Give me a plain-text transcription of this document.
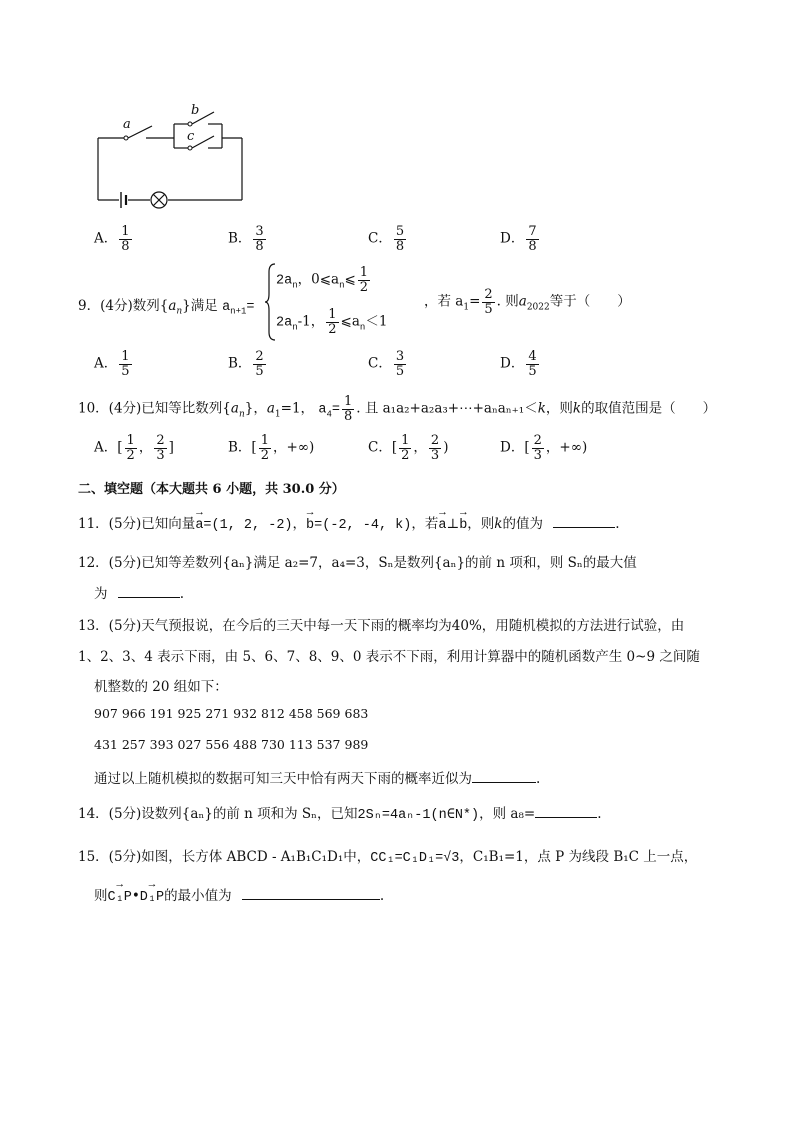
a
b
c
A． $\frac{1}{8}$	B． $\frac{3}{8}$	C． $\frac{5}{8}$	D． $\frac{7}{8}$
9．(4分)数列$\{a_n\}$满足 $a_{n+1}=$
$2a_n$，$0⩽a_n⩽ \frac{1}{2}$
$2a_n-1$， $\frac{1}{2}$ $⩽a_n<1$
，若 $a_1= \frac{2}{5}$ . 则$a_{2022}$等于（　　）
A． $\frac{1}{5}$	B． $\frac{2}{5}$	C． $\frac{3}{5}$	D． $\frac{4}{5}$
10．(4分)已知等比数列$\{a_n\}$，$a_1=1$， $a_4= \frac{1}{8}$ . 且 a₁a₂+a₂a₃+⋯+aₙaₙ₊₁＜k，则k的取值范围是（　　）
A．[ $\frac{1}{2}$ ， $\frac{2}{3}$ ]	B．[ $\frac{1}{2}$ ，+∞)	C．[ $\frac{1}{2}$ ， $\frac{2}{3}$ )	D．[ $\frac{2}{3}$ ，+∞)
二、填空题（本大题共 6 小题，共 30.0 分）
11．(5分)已知向量→ a=(1, 2, -2)，→ b=(-2, -4, k)，若→ a⊥→ b，则k的值为	.
12．(5分)已知等差数列{aₙ}满足 a₂=7，a₄=3，Sₙ是数列{aₙ}的前 n 项和，则 Sₙ的最大值
为	.
13．(5分)天气预报说，在今后的三天中每一天下雨的概率均为40%，用随机模拟的方法进行试验，由
1、2、3、4 表示下雨，由 5、6、7、8、9、0 表示不下雨，利用计算器中的随机函数产生 0~9 之间随
机整数的 20 组如下：
907 966 191 925 271 932 812 458 569 683
431 257 393 027 556 488 730 113 537 989
通过以上随机模拟的数据可知三天中恰有两天下雨的概率近似为	.
14．(5分)设数列{aₙ}的前 n 项和为 Sₙ，已知2Sₙ=4aₙ-1(n∈N*)，则 a₈=	.
15．(5分)如图，长方体 ABCD - A₁B₁C₁D₁中，CC₁=C₁D₁=√3，C₁B₁=1，点 P 为线段 B₁C 上一点，
则→ C₁P•→ D₁P的最小值为	.
